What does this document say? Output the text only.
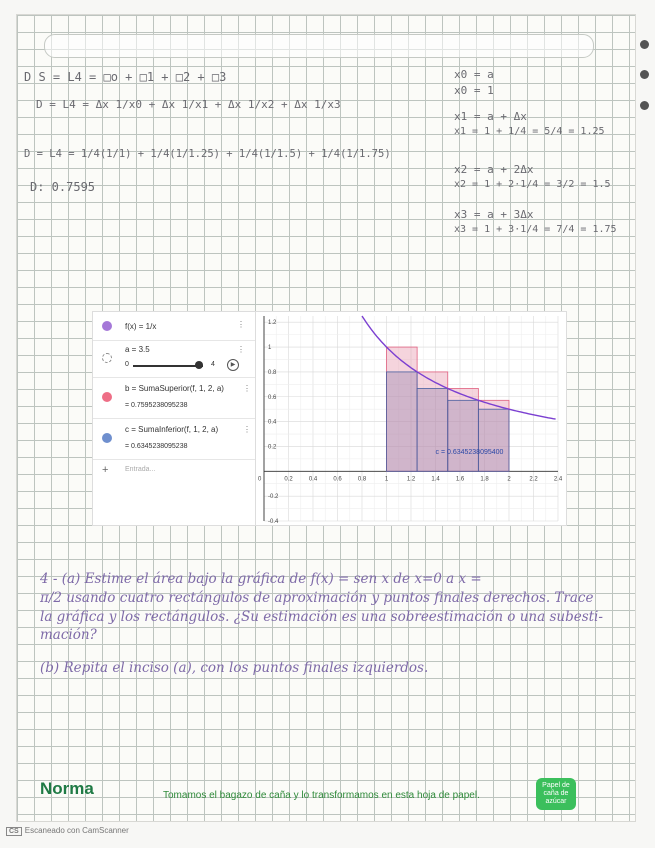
D S = L4 = □o + □1 + □2 + □3
D = L4 = Δx 1/x0 + Δx 1/x1 + Δx 1/x2 + Δx 1/x3
D = L4 = 1/4(1/1) + 1/4(1/1.25) + 1/4(1/1.5) + 1/4(1/1.75)
D: 0.7595
x0 = a
x0 = 1
x1 = a + Δx
x1 = 1 + 1/4 = 5/4 = 1.25
x2 = a + 2Δx
x2 = 1 + 2·1/4 = 3/2 = 1.5
x3 = a + 3Δx
x3 = 1 + 3·1/4 = 7/4 = 1.75
f(x) = 1/x	⋮
a = 3.5	⋮
0	4	▶
b = SumaSuperior(f, 1, 2, a) ⋮
= 0.7595238095238
c = SumaInferior(f, 1, 2, a)	⋮
= 0.6345238095238
+ Entrada...
0.2	0.4	0.6	0.8	1	1.2	1.4	1.6	1.8	2	2.2	2.4
1.2
1
0.8
0.6
0.4
0.2
-0.2
-0.4
0
c = 0.6345238095400
4 - (a) Estime el área bajo la gráfica de f(x) = sen x de x=0 a x =
π/2 usando cuatro rectángulos de aproximación y puntos finales derechos. Trace
la gráfica y los rectángulos. ¿Su estimación es una sobreestimación o una subesti-
mación?
(b) Repita el inciso (a), con los puntos finales izquierdos.
Norma	Tomamos el bagazo de caña y lo transformamos en esta hoja de papel.
Papel de caña de azúcar
CS Escaneado con CamScanner
